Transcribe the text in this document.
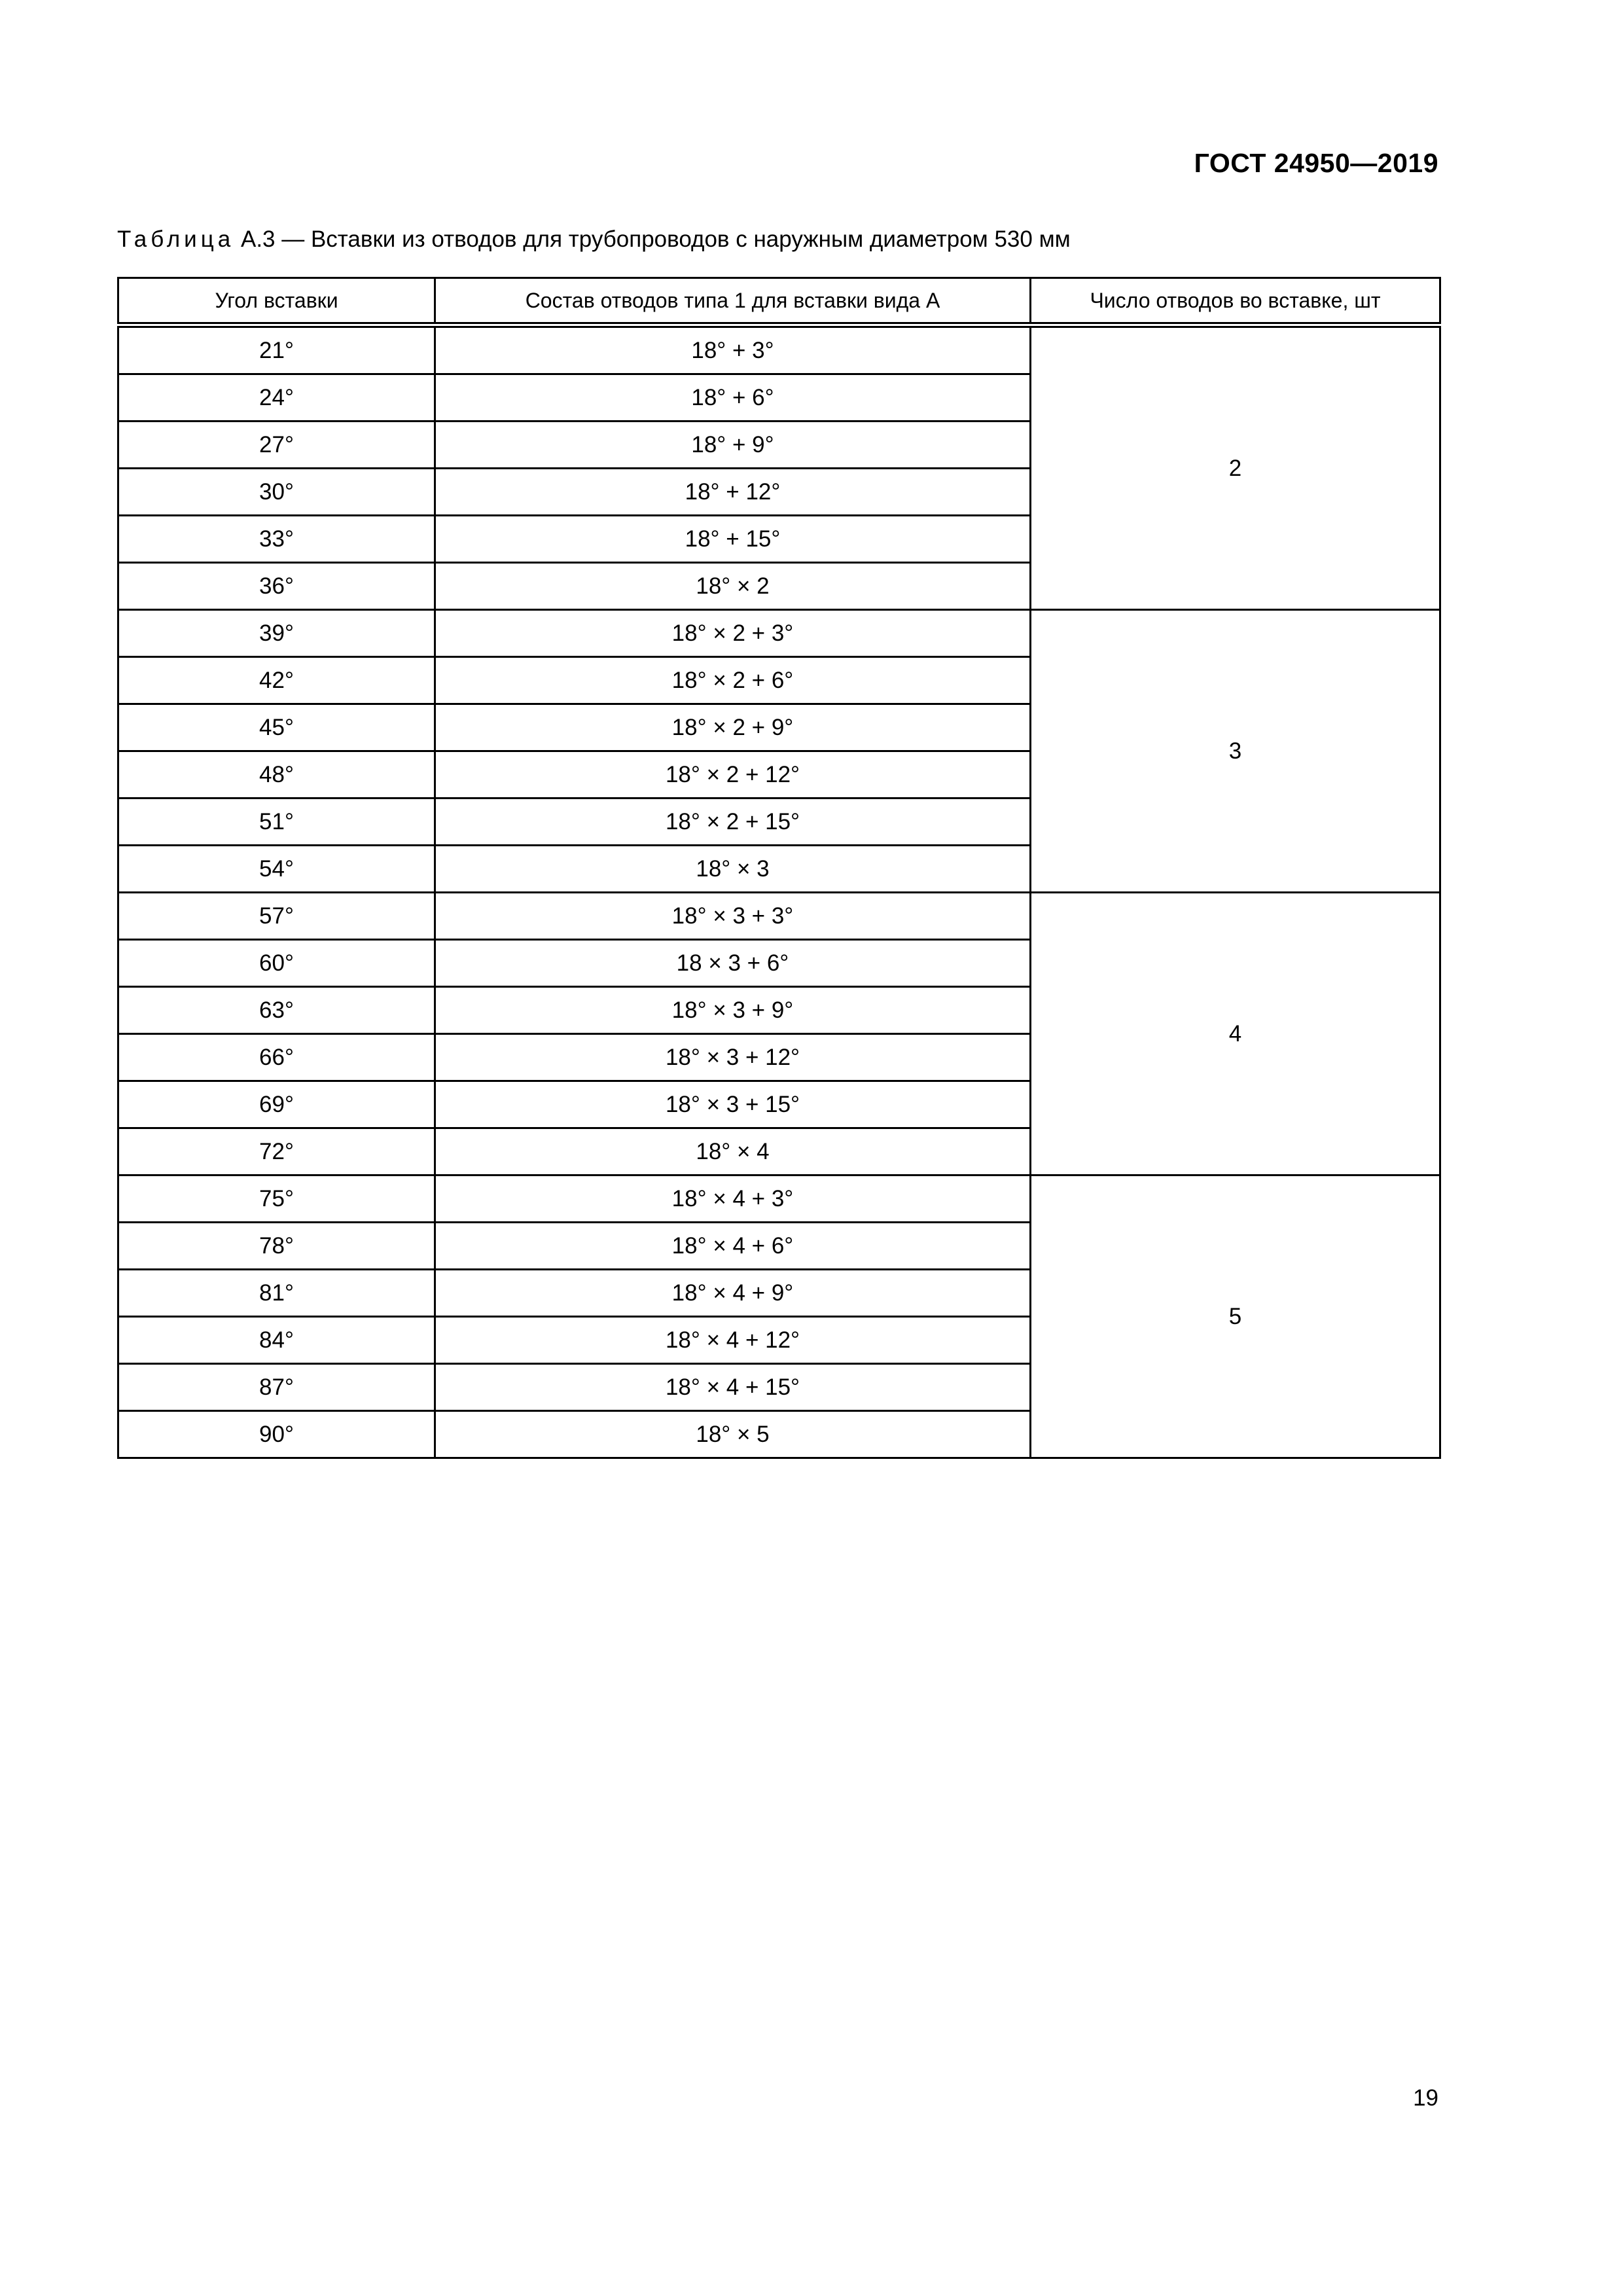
ГОСТ 24950—2019
Таблица А.3 — Вставки из отводов для трубопроводов с наружным диаметром 530 мм
Угол вставки	Состав отводов типа 1 для вставки вида А	Число отводов во вставке, шт
21°	18° + 3°	2
24°	18° + 6°	
27°	18° + 9°	
30°	18° + 12°	
33°	18° + 15°	
36°	18° × 2	
39°	18° × 2 + 3°	3
42°	18° × 2 + 6°	
45°	18° × 2 + 9°	
48°	18° × 2 + 12°	
51°	18° × 2 + 15°	
54°	18° × 3	
57°	18° × 3 + 3°	4
60°	18 × 3 + 6°	
63°	18° × 3 + 9°	
66°	18° × 3 + 12°	
69°	18° × 3 + 15°	
72°	18° × 4	
75°	18° × 4 + 3°	5
78°	18° × 4 + 6°	
81°	18° × 4 + 9°	
84°	18° × 4 + 12°	
87°	18° × 4 + 15°	
90°	18° × 5	
19
